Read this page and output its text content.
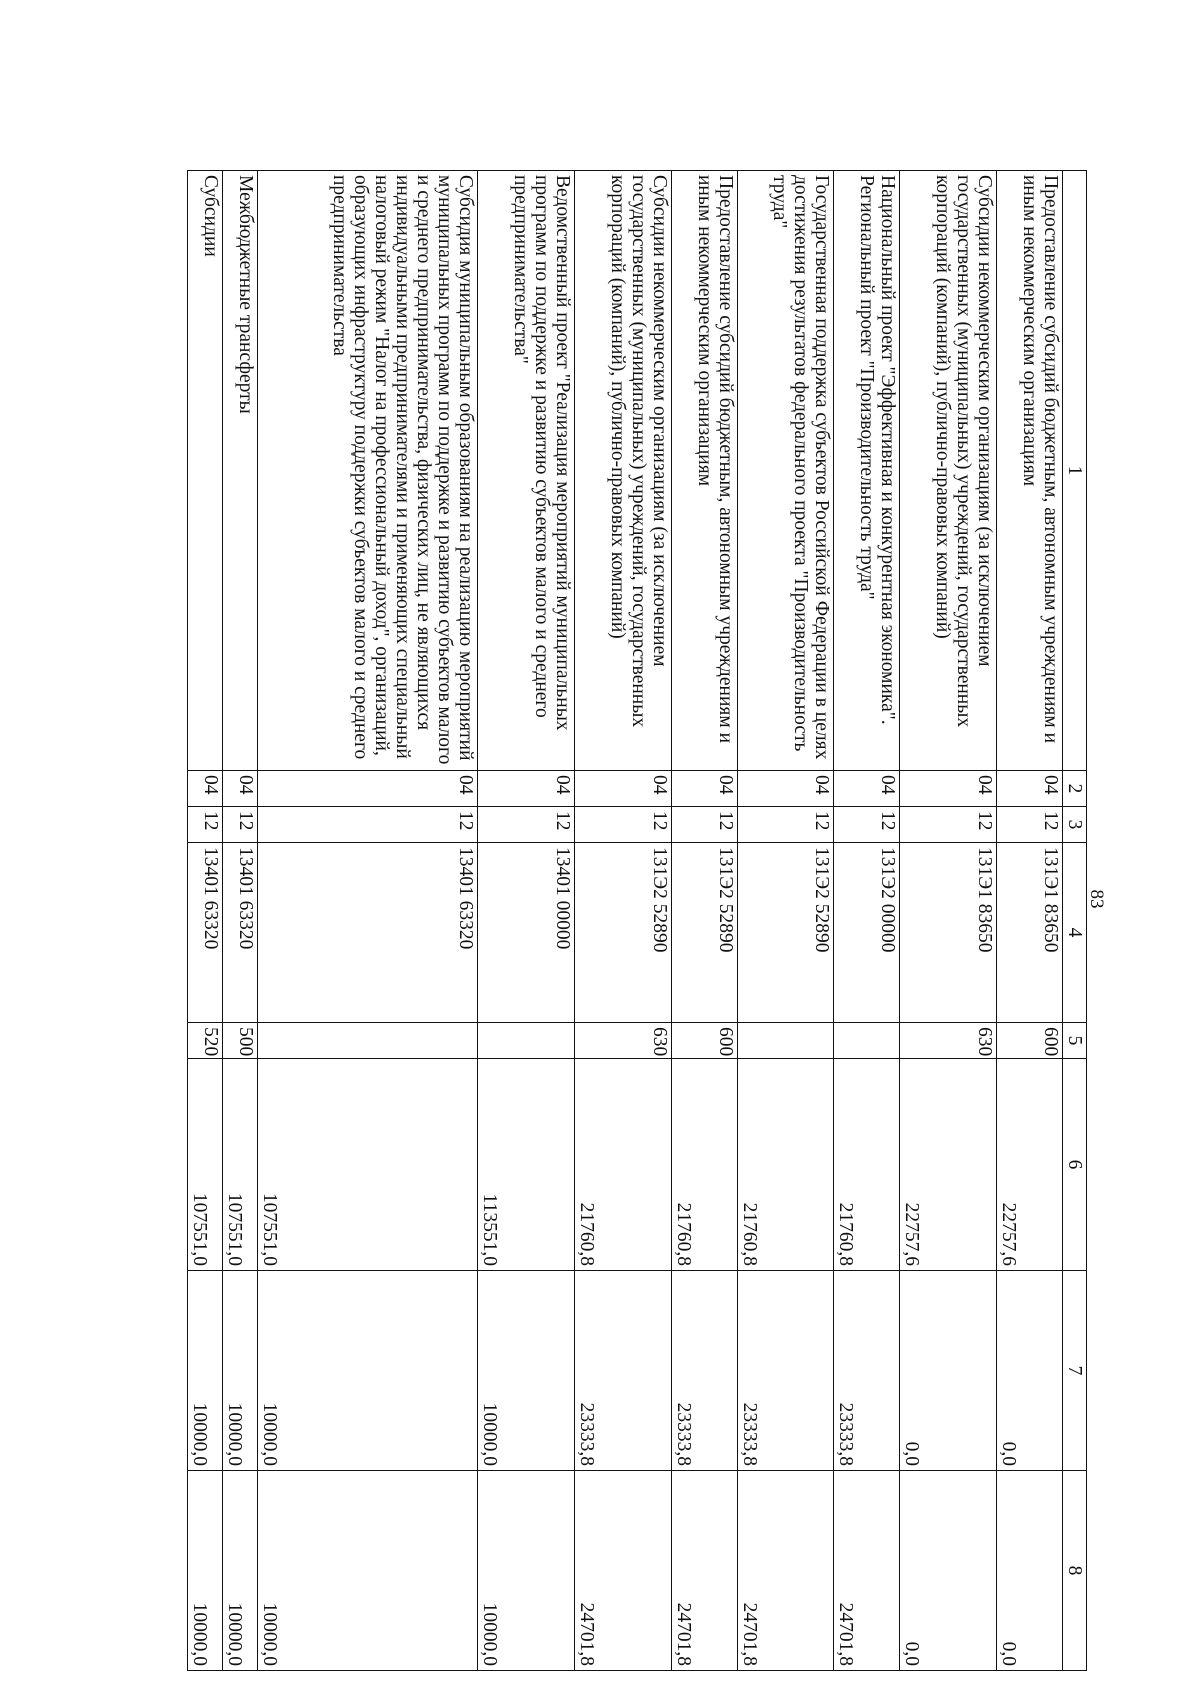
83
1	2	3	4	5	6	7	8
Предоставление субсидий бюджетным, автономным учреждениям и иным некоммерческим организациям	04	12	131Э1 83650	600	22757,6	0,0	0,0
Субсидии некоммерческим организациям (за исключением государственных (муниципальных) учреждений, государственных корпораций (компаний), публично-правовых компаний)	04	12	131Э1 83650	630	22757,6	0,0	0,0
Национальный проект "Эффективная и конкурентная экономика". Региональный проект "Производительность труда"	04	12	131Э2 00000		21760,8	23333,8	24701,8
Государственная поддержка субъектов Российской Федерации в целях достижения результатов федерального проекта "Производительность труда"	04	12	131Э2 52890		21760,8	23333,8	24701,8
Предоставление субсидий бюджетным, автономным учреждениям и иным некоммерческим организациям	04	12	131Э2 52890	600	21760,8	23333,8	24701,8
Субсидии некоммерческим организациям (за исключением государственных (муниципальных) учреждений, государственных корпораций (компаний), публично-правовых компаний)	04	12	131Э2 52890	630	21760,8	23333,8	24701,8
Ведомственный проект "Реализация мероприятий муниципальных программ по поддержке и развитию субъектов малого и среднего предпринимательства"	04	12	13401 00000		113551,0	10000,0	10000,0
Субсидия муниципальным образованиям на реализацию мероприятий муниципальных программ по поддержке и развитию субъектов малого и среднего предпринимательства, физических лиц, не являющихся индивидуальными предпринимателями и применяющих специальный налоговый режим "Налог на профессиональный доход", организаций, образующих инфраструктуру поддержки субъектов малого и среднего предпринимательства	04	12	13401 63320		107551,0	10000,0	10000,0
Межбюджетные трансферты	04	12	13401 63320	500	107551,0	10000,0	10000,0
Субсидии	04	12	13401 63320	520	107551,0	10000,0	10000,0
